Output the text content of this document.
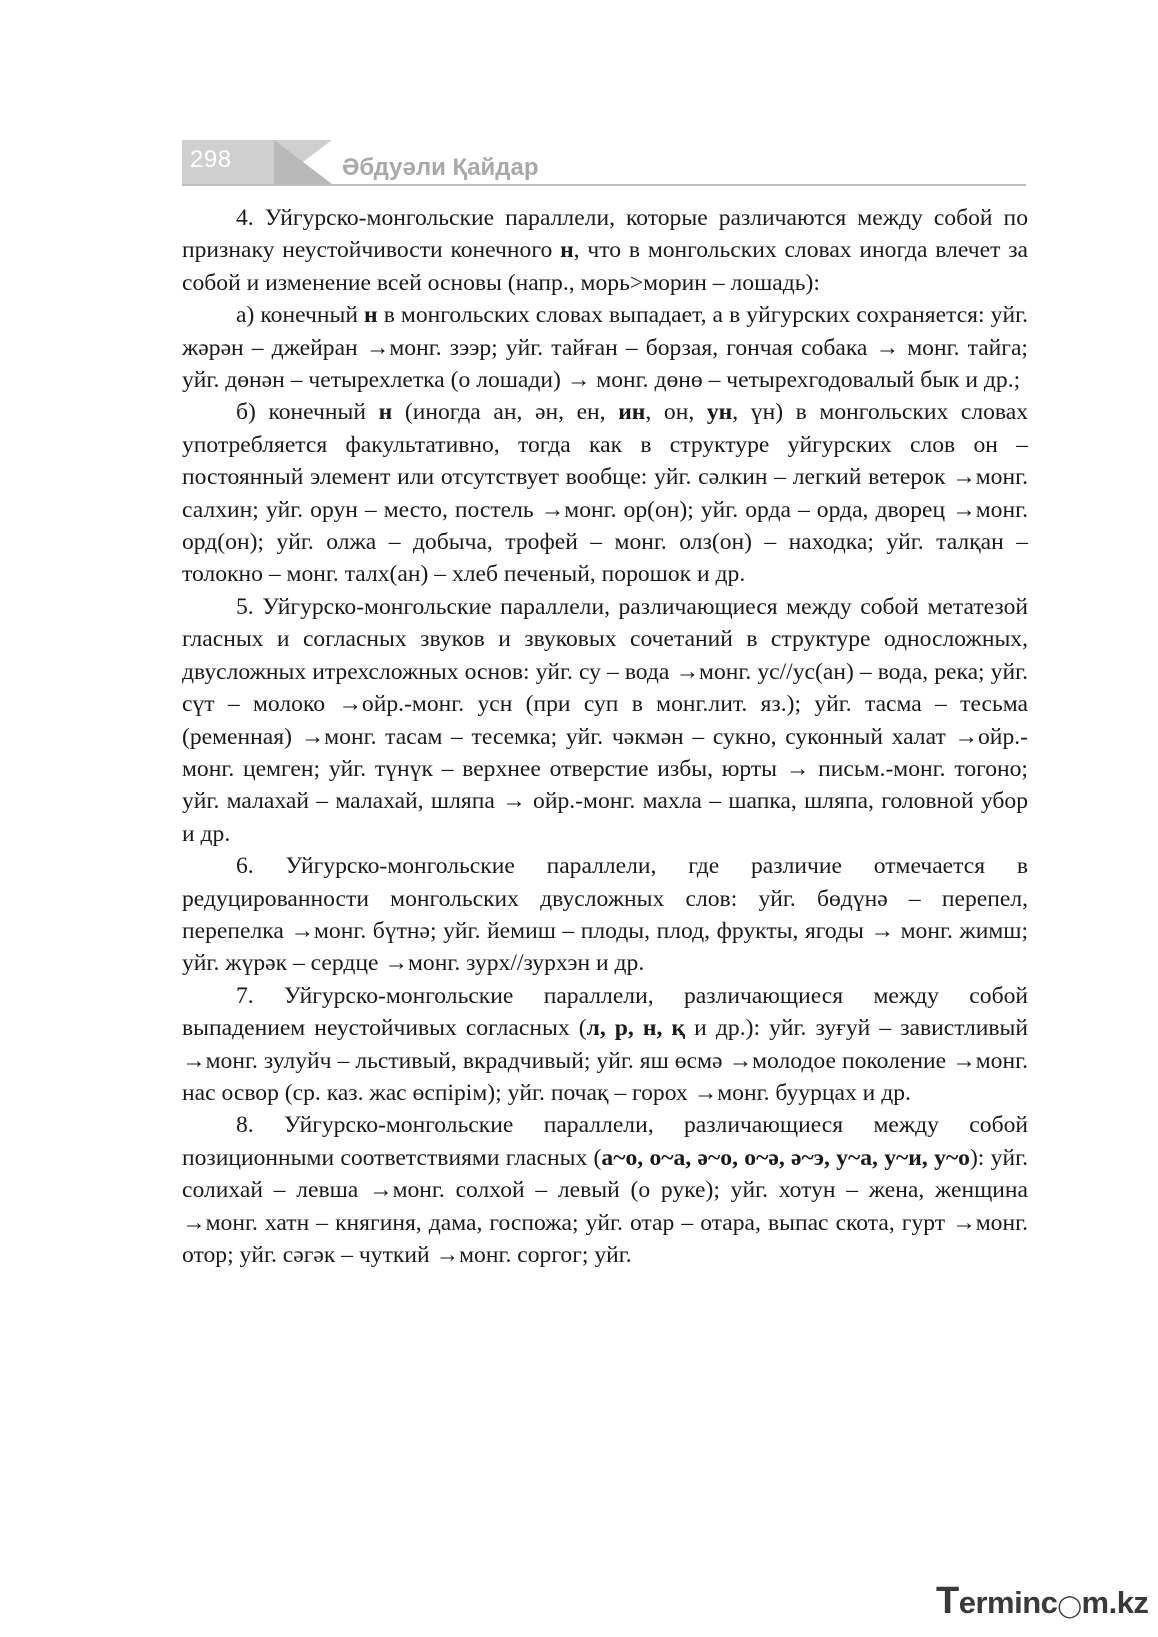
298	Әбдуәли Қайдар

4. Уйгурско-монгольские параллели, которые различаются между собой по признаку неустойчивости конечного н, что в монгольских словах иногда влечет за собой и изменение всей основы (напр., морь>морин – лошадь):

а) конечный н в монгольских словах выпадает, а в уйгурских сохраняется: уйг. жәрән – джейран →монг. зээр; уйг. тайған – борзая, гончая собака → монг. тайга; уйг. дөнән – четырехлетка (о лошади) → монг. дөнө – четырехгодовалый бык и др.;

б) конечный н (иногда ан, ән, ен, ин, он, ун, үн) в монгольских словах употребляется факультативно, тогда как в структуре уйгурских слов он – постоянный элемент или отсутствует вообще: уйг. сәлкин – легкий ветерок →монг. салхин; уйг. орун – место, постель →монг. ор(он); уйг. орда – орда, дворец →монг. орд(он); уйг. олжа – добыча, трофей – монг. олз(он) – находка; уйг. талқан – толокно – монг. талх(ан) – хлеб печеный, порошок и др.

5. Уйгурско-монгольские параллели, различающиеся между собой метатезой гласных и согласных звуков и звуковых сочетаний в структуре односложных, двусложных итрехсложных основ: уйг. су – вода →монг. ус//ус(ан) – вода, река; уйг. сүт – молоко →ойр.-монг. усн (при суп в монг.лит. яз.); уйг. тасма – тесьма (ременная) →монг. тасам – тесемка; уйг. чәкмән – сукно, суконный халат →ойр.-монг. цемген; уйг. түнүк – верхнее отверстие избы, юрты → письм.-монг. тогоно; уйг. малахай – малахай, шляпа → ойр.-монг. махла – шапка, шляпа, головной убор и др.

6. Уйгурско-монгольские параллели, где различие отмечается в редуцированности монгольских двусложных слов: уйг. бөдүнә – перепел, перепелка →монг. бүтнә; уйг. йемиш – плоды, плод, фрукты, ягоды → монг. жимш; уйг. жүрәк – сердце →монг. зурх//зурхэн и др.

7. Уйгурско-монгольские параллели, различающиеся между собой выпадением неустойчивых согласных (л, р, н, қ и др.): уйг. зуғуй – завистливый →монг. зулуйч – льстивый, вкрадчивый; уйг. яш өсмә →молодое поколение →монг. нас освор (ср. каз. жас өспірім); уйг. почақ – горох →монг. буурцах и др.

8. Уйгурско-монгольские параллели, различающиеся между собой позиционными соответствиями гласных (а~о, о~а, ә~о, о~ә, ә~э, у~а, у~и, у~о): уйг. солихай – левша →монг. солхой – левый (о руке); уйг. хотун – жена, женщина →монг. хатн – княгиня, дама, госпожа; уйг. отар – отара, выпас скота, гурт →монг. отор; уйг. сәгәк – чуткий →монг. соргог; уйг.

Terminc◯m.kz
